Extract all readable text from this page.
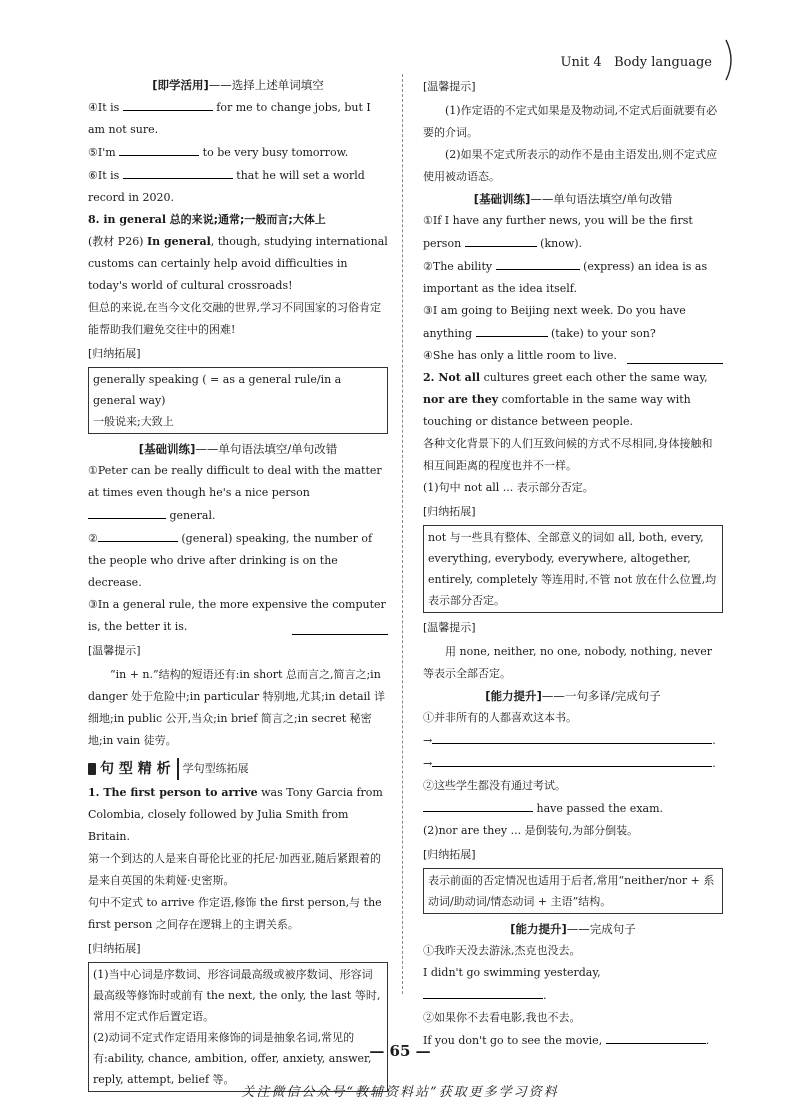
Unit 4 Body language

[即学活用]——选择上述单词填空

④It is	for me to change jobs, but I am not sure.

⑤I'm	to be very busy tomorrow.

⑥It is	that he will set a world record in 2020.

8. in general 总的来说;通常;一般而言;大体上

(教材 P26) In general, though, studying international customs can certainly help avoid difficulties in today's world of cultural crossroads!

但总的来说,在当今文化交融的世界,学习不同国家的习俗肯定能帮助我们避免交往中的困难!

[归纳拓展]

generally speaking ( = as a general rule/in a general way)

一般说来;大致上

[基础训练]——单句语法填空/单句改错

①Peter can be really difficult to deal with the matter at times even though he's a nice person  general.

②	(general) speaking, the number of the people who drive after drinking is on the decrease.

③In a general rule, the more expensive the computer is, the better it is.

[温馨提示]

“in + n.”结构的短语还有:in short 总而言之,简言之;in danger 处于危险中;in particular 特别地,尤其;in detail 详细地;in public 公开,当众;in brief 简言之;in secret 秘密地;in vain 徒劳。

句 型 精 析	学句型练拓展

1. The first person to arrive was Tony Garcia from Colombia, closely followed by Julia Smith from Britain.

第一个到达的人是来自哥伦比亚的托尼·加西亚,随后紧跟着的是来自英国的朱莉娅·史密斯。

句中不定式 to arrive 作定语,修饰 the first person,与 the first person 之间存在逻辑上的主谓关系。

[归纳拓展]

(1)当中心词是序数词、形容词最高级或被序数词、形容词最高级等修饰时或前有 the next, the only, the last 等时,常用不定式作后置定语。

(2)动词不定式作定语用来修饰的词是抽象名词,常见的有:ability, chance, ambition, offer, anxiety, answer, reply, attempt, belief 等。

[温馨提示]

(1)作定语的不定式如果是及物动词,不定式后面就要有必要的介词。

(2)如果不定式所表示的动作不是由主语发出,则不定式应使用被动语态。

[基础训练]——单句语法填空/单句改错

①If I have any further news, you will be the first person	(know).

②The ability	(express) an idea is as important as the idea itself.

③I am going to Beijing next week. Do you have anything	(take) to your son?

④She has only a little room to live.

2. Not all cultures greet each other the same way, nor are they comfortable in the same way with touching or distance between people.

各种文化背景下的人们互致问候的方式不尽相同,身体接触和相互间距离的程度也并不一样。

(1)句中 not all ... 表示部分否定。

[归纳拓展]

not 与一些具有整体、全部意义的词如 all, both, every, everything, everybody, everywhere, altogether, entirely, completely 等连用时,不管 not 放在什么位置,均表示部分否定。

[温馨提示]

用 none, neither, no one, nobody, nothing, never 等表示全部否定。

[能力提升]——一句多译/完成句子

①并非所有的人都喜欢这本书。

→	.

→	.

②这些学生都没有通过考试。

have passed the exam.

(2)nor are they ... 是倒装句,为部分倒装。

[归纳拓展]

表示前面的否定情况也适用于后者,常用“neither/nor + 系动词/助动词/情态动词 + 主语”结构。

[能力提升]——完成句子

①我昨天没去游泳,杰克也没去。

I didn't go swimming yesterday, .

②如果你不去看电影,我也不去。

If you don't go to see the movie,	.

— 65 —
关注微信公众号“教辅资料站”获取更多学习资料
